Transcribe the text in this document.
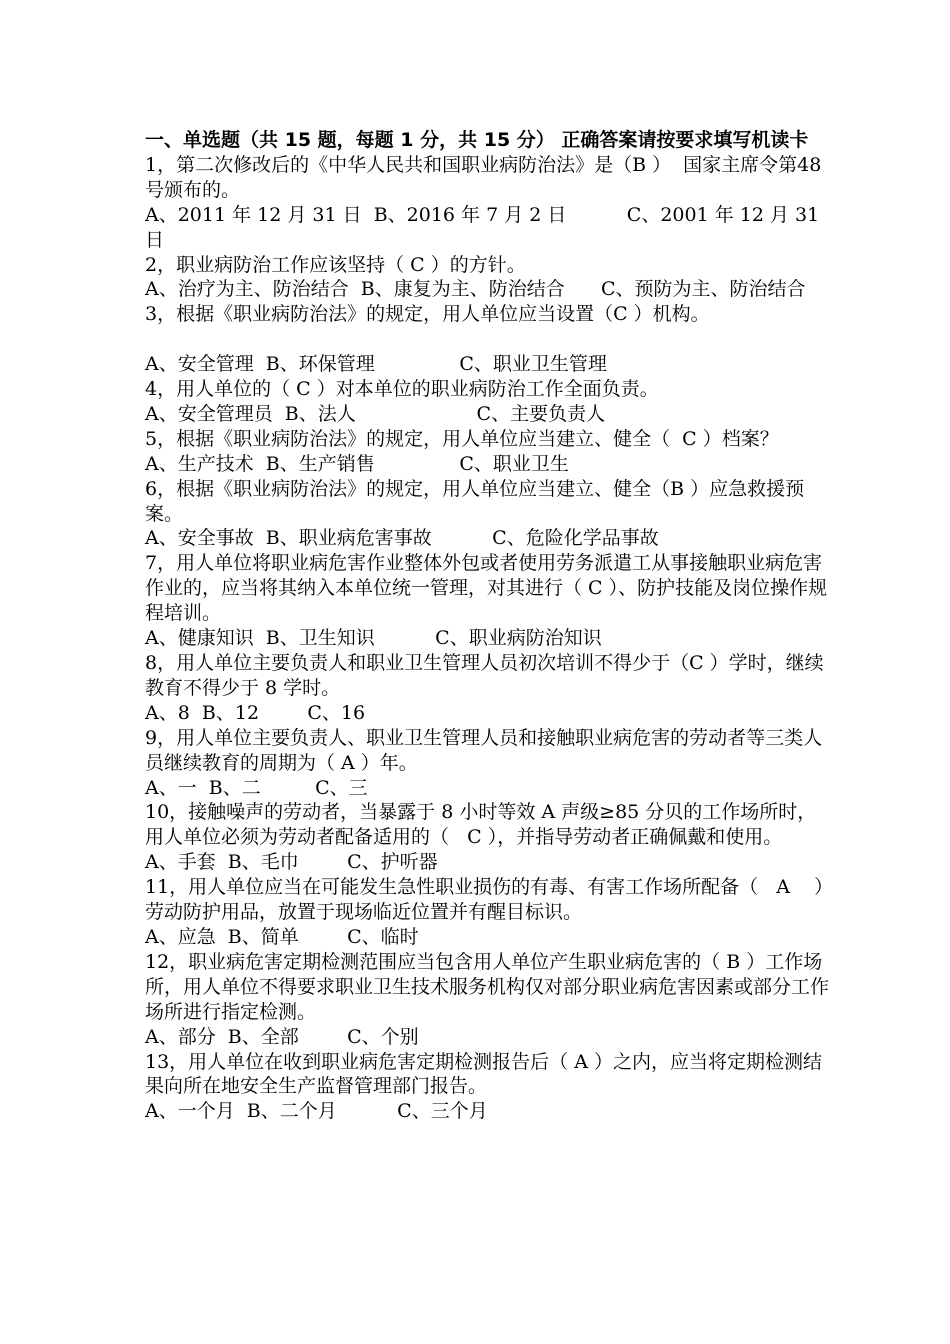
一、单选题（共 15 题，每题 1 分，共 15 分） 正确答案请按要求填写机读卡

1，第二次修改后的《中华人民共和国职业病防治法》是（B ）  国家主席令第48号颁布的。
A、2011 年 12 月 31 日  B、2016 年 7 月 2 日          C、2001 年 12 月 31 日
2，职业病防治工作应该坚持（ C ）的方针。
A、治疗为主、防治结合  B、康复为主、防治结合      C、预防为主、防治结合
3，根据《职业病防治法》的规定，用人单位应当设置（C ）机构。
A、安全管理  B、环保管理              C、职业卫生管理
4，用人单位的（ C ）对本单位的职业病防治工作全面负责。
A、安全管理员  B、法人                    C、主要负责人
5，根据《职业病防治法》的规定，用人单位应当建立、健全（  C ）档案？
A、生产技术  B、生产销售              C、职业卫生
6，根据《职业病防治法》的规定，用人单位应当建立、健全（B ）应急救援预案。
A、安全事故  B、职业病危害事故          C、危险化学品事故
7，用人单位将职业病危害作业整体外包或者使用劳务派遣工从事接触职业病危害作业的，应当将其纳入本单位统一管理，对其进行（ C ）、防护技能及岗位操作规程培训。
A、健康知识  B、卫生知识          C、职业病防治知识
8，用人单位主要负责人和职业卫生管理人员初次培训不得少于（C ）学时，继续教育不得少于 8 学时。
A、8  B、12        C、16
9，用人单位主要负责人、职业卫生管理人员和接触职业病危害的劳动者等三类人员继续教育的周期为（ A ）年。
A、一  B、二         C、三
10，接触噪声的劳动者，当暴露于 8 小时等效 A 声级≥85 分贝的工作场所时，用人单位必须为劳动者配备适用的（   C ），并指导劳动者正确佩戴和使用。
A、手套  B、毛巾        C、护听器
11，用人单位应当在可能发生急性职业损伤的有毒、有害工作场所配备（   A    ）劳动防护用品，放置于现场临近位置并有醒目标识。
A、应急  B、简单        C、临时
12，职业病危害定期检测范围应当包含用人单位产生职业病危害的（ B ）工作场所，用人单位不得要求职业卫生技术服务机构仅对部分职业病危害因素或部分工作场所进行指定检测。
A、部分  B、全部        C、个别
13，用人单位在收到职业病危害定期检测报告后（ A ）之内，应当将定期检测结果向所在地安全生产监督管理部门报告。
A、一个月  B、二个月          C、三个月
